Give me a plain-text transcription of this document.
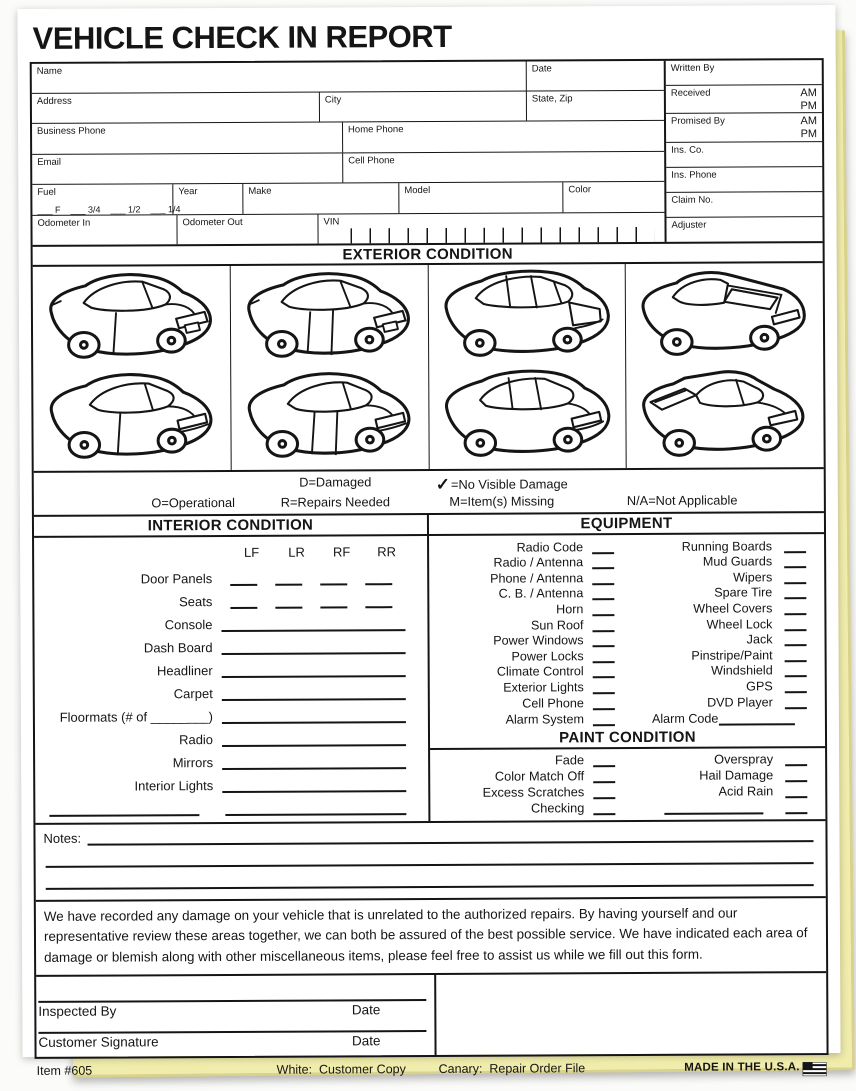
VEHICLE CHECK IN REPORT
Name	Date
Address	City	State, Zip
Business Phone	Home Phone
Email	Cell Phone
Fuel
___ F    ___ 3/4    ___ 1/2    ___ 1/4
Year	Make	Model	Color
Odometer In	Odometer Out	VIN
Written By
Received	AM
PM
Promised By	AM
PM
Ins. Co.
Ins. Phone
Claim No.
Adjuster
EXTERIOR CONDITION
D=Damaged	✓=No Visible Damage
O=Operational	R=Repairs Needed	M=Item(s) Missing	N/A=Not Applicable
INTERIOR CONDITION
LF	LR	RF	RR
Door Panels
Seats
Console
Dash Board
Headliner
Carpet
Floormats (# of ________)
Radio
Mirrors
Interior Lights
EQUIPMENT
Radio Code	Running Boards
Radio / Antenna	Mud Guards
Phone / Antenna	Wipers
C. B. / Antenna	Spare Tire
Horn	Wheel Covers
Sun Roof	Wheel Lock
Power Windows	Jack
Power Locks	Pinstripe/Paint
Climate Control	Windshield
Exterior Lights	GPS
Cell Phone	DVD Player
Alarm System	Alarm Code
PAINT CONDITION
Fade	Overspray
Color Match Off	Hail Damage
Excess Scratches	Acid Rain
Checking
Notes:
We have recorded any damage on your vehicle that is unrelated to the authorized repairs. By having yourself and our representative review these areas together, we can both be assured of the best possible service. We have indicated each area of damage or blemish along with other miscellaneous items, please feel free to assist us while we fill out this form.
Inspected By	Date
Customer Signature	Date
Item #605	White:  Customer Copy	Canary:  Repair Order File	MADE IN THE U.S.A.
